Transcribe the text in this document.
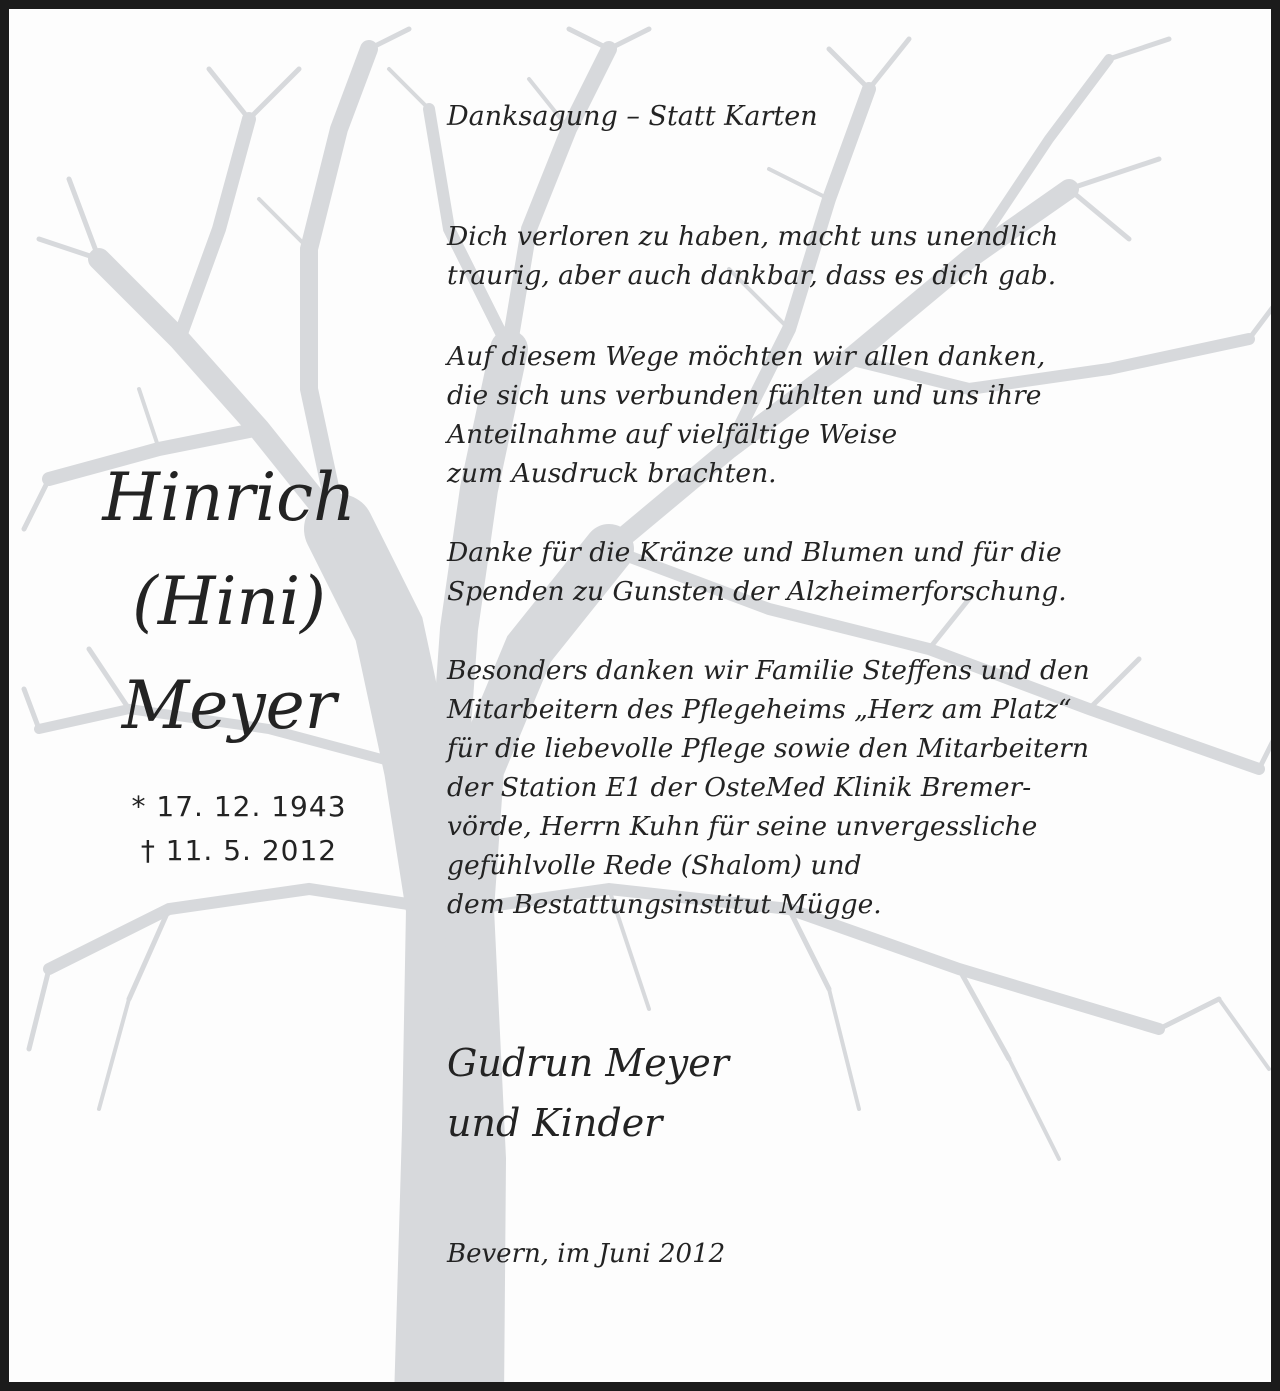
Danksagung – Statt Karten

Dich verloren zu haben, macht uns unendlich
traurig, aber auch dankbar, dass es dich gab.

Auf diesem Wege möchten wir allen danken,
die sich uns verbunden fühlten und uns ihre
Anteilnahme auf vielfältige Weise
zum Ausdruck brachten.

Danke für die Kränze und Blumen und für die
Spenden zu Gunsten der Alzheimerforschung.

Besonders danken wir Familie Steffens und den
Mitarbeitern des Pflegeheims „Herz am Platz“
für die liebevolle Pflege sowie den Mitarbeitern
der Station E1 der OsteMed Klinik Bremer-
vörde, Herrn Kuhn für seine unvergessliche
gefühlvolle Rede (Shalom) und
dem Bestattungsinstitut Mügge.

Gudrun Meyer
und Kinder
Bevern, im Juni 2012
Hinrich
(Hini)
Meyer
* 17. 12. 1943
† 11. 5. 2012
